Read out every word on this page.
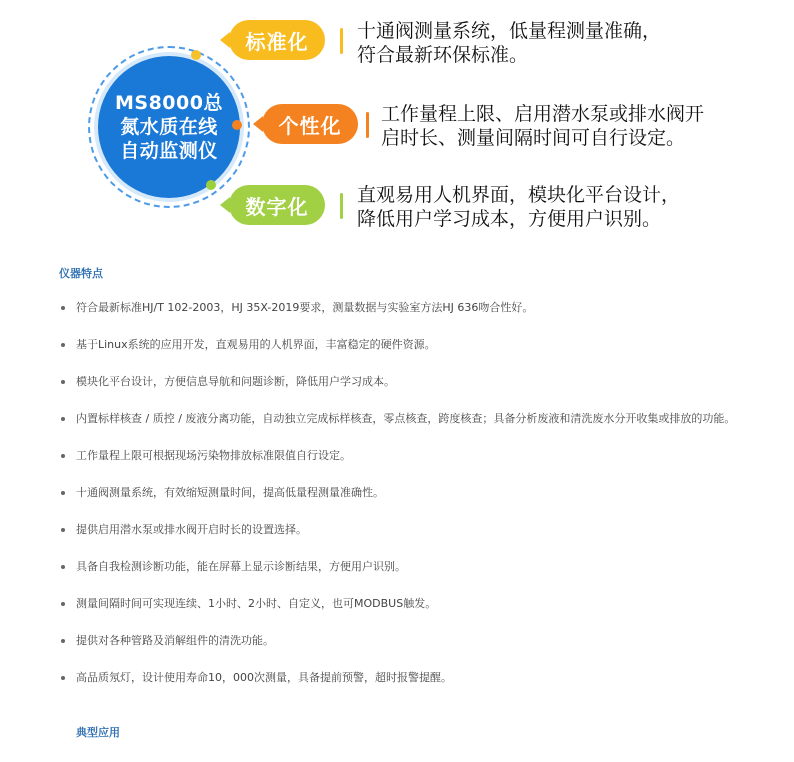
MS8000总
氮水质在线
自动监测仪
标准化	十通阀测量系统，低量程测量准确，
符合最新环保标准。
个性化	工作量程上限、启用潜水泵或排水阀开
启时长、测量间隔时间可自行设定。
数字化	直观易用人机界面，模块化平台设计，
降低用户学习成本，方便用户识别。
仪器特点
符合最新标准HJ/T 102-2003，HJ 35X-2019要求，测量数据与实验室方法HJ 636吻合性好。
基于Linux系统的应用开发，直观易用的人机界面，丰富稳定的硬件资源。
模块化平台设计，方便信息导航和问题诊断，降低用户学习成本。
内置标样核查 / 质控 / 废液分离功能，自动独立完成标样核查，零点核查，跨度核查；具备分析废液和清洗废水分开收集或排放的功能。
工作量程上限可根据现场污染物排放标准限值自行设定。
十通阀测量系统，有效缩短测量时间，提高低量程测量准确性。
提供启用潜水泵或排水阀开启时长的设置选择。
具备自我检测诊断功能，能在屏幕上显示诊断结果，方便用户识别。
测量间隔时间可实现连续、1小时、2小时、自定义，也可MODBUS触发。
提供对各种管路及消解组件的清洗功能。
高品质氖灯，设计使用寿命10，000次测量，具备提前预警，超时报警提醒。
典型应用
